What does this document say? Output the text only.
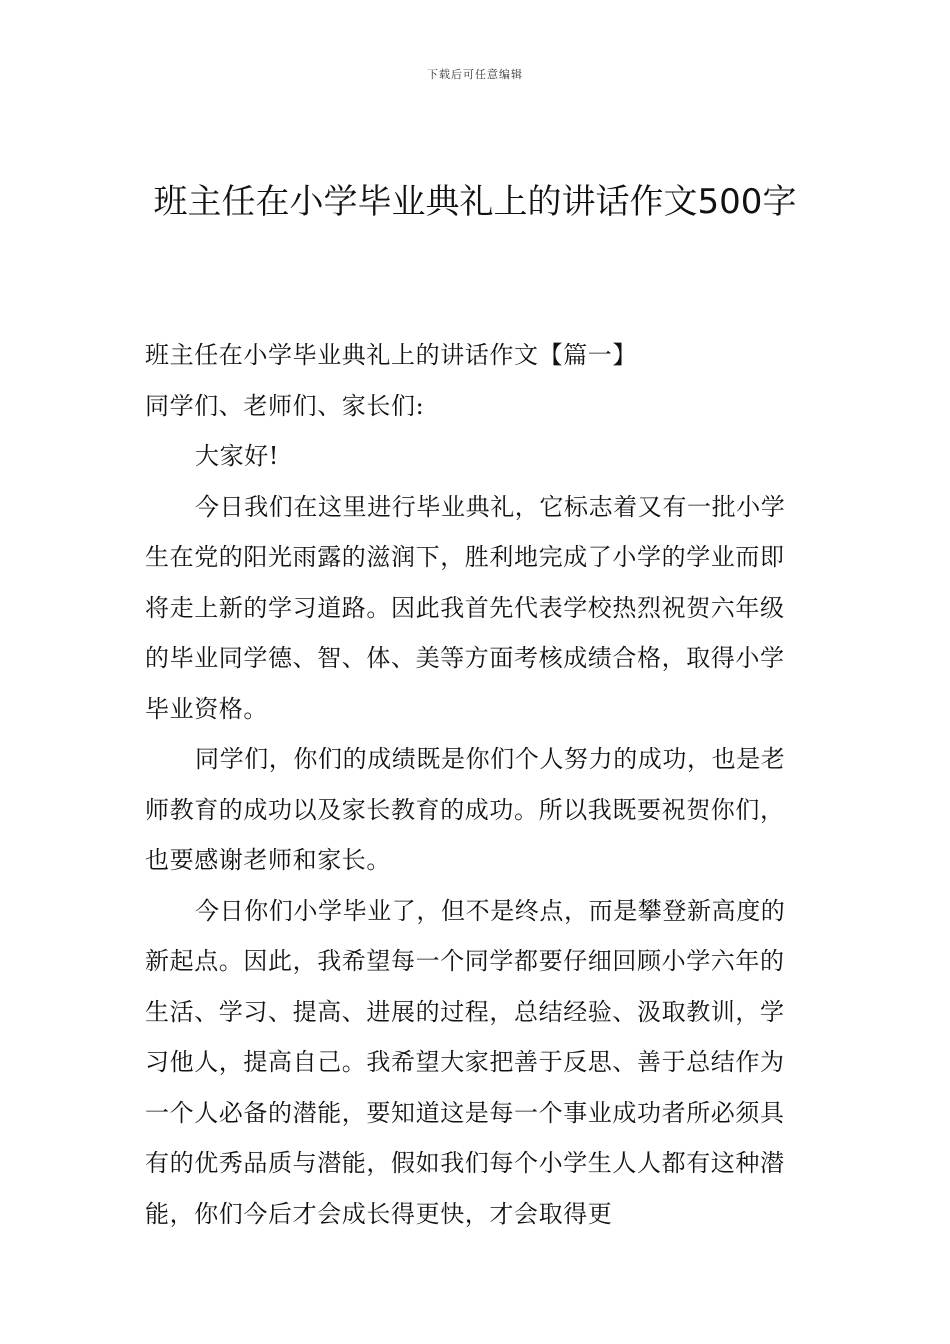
下载后可任意编辑
班主任在小学毕业典礼上的讲话作文500字

班主任在小学毕业典礼上的讲话作文【篇一】

同学们、老师们、家长们:

大家好!

今日我们在这里进行毕业典礼，它标志着又有一批小学生在党的阳光雨露的滋润下，胜利地完成了小学的学业而即将走上新的学习道路。因此我首先代表学校热烈祝贺六年级的毕业同学德、智、体、美等方面考核成绩合格，取得小学毕业资格。

同学们，你们的成绩既是你们个人努力的成功，也是老师教育的成功以及家长教育的成功。所以我既要祝贺你们，也要感谢老师和家长。

今日你们小学毕业了，但不是终点，而是攀登新高度的新起点。因此，我希望每一个同学都要仔细回顾小学六年的生活、学习、提高、进展的过程，总结经验、汲取教训，学习他人，提高自己。我希望大家把善于反思、善于总结作为一个人必备的潜能，要知道这是每一个事业成功者所必须具有的优秀品质与潜能，假如我们每个小学生人人都有这种潜能，你们今后才会成长得更快，才会取得更
